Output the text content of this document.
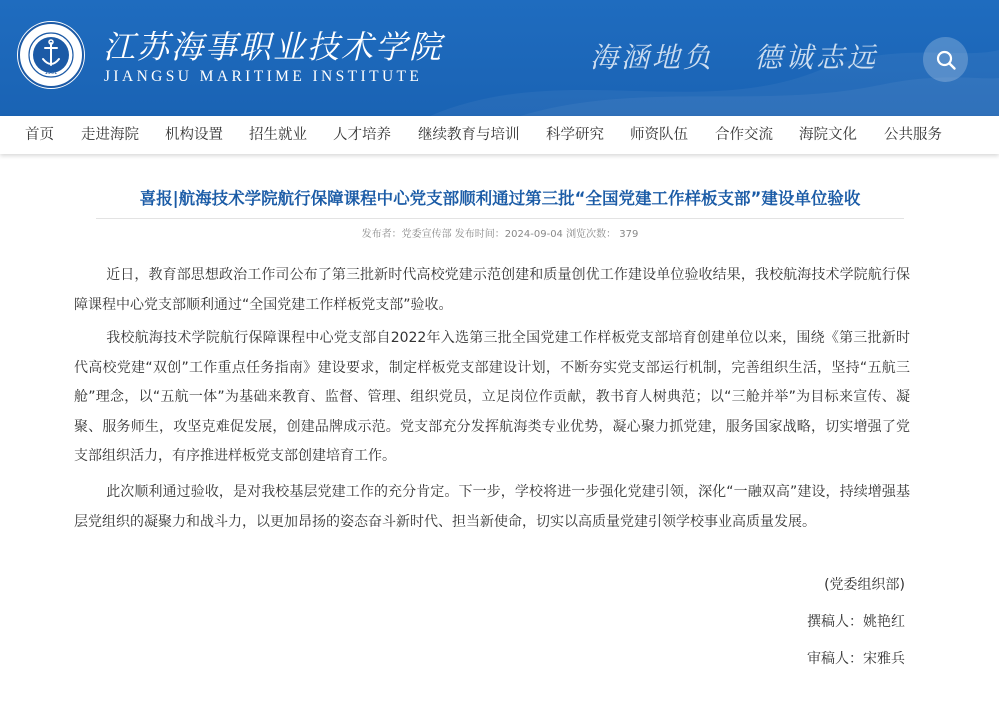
1951
江苏海事职业技术学院
JIANGSU MARITIME INSTITUTE
海涵地负 德诚志远
首页 走进海院 机构设置 招生就业 人才培养 继续教育与培训 科学研究 师资队伍 合作交流 海院文化 公共服务
喜报|航海技术学院航行保障课程中心党支部顺利通过第三批“全国党建工作样板支部”建设单位验收
发布者：党委宣传部 发布时间：2024-09-04 浏览次数： 379

近日，教育部思想政治工作司公布了第三批新时代高校党建示范创建和质量创优工作建设单位验收结果，我校航海技术学院航行保障课程中心党支部顺利通过“全国党建工作样板党支部”验收。

我校航海技术学院航行保障课程中心党支部自2022年入选第三批全国党建工作样板党支部培育创建单位以来，围绕《第三批新时代高校党建“双创”工作重点任务指南》建设要求，制定样板党支部建设计划，不断夯实党支部运行机制，完善组织生活，坚持“五航三舱”理念，以“五航一体”为基础来教育、监督、管理、组织党员，立足岗位作贡献，教书育人树典范；以“三舱并举”为目标来宣传、凝聚、服务师生，攻坚克难促发展，创建品牌成示范。党支部充分发挥航海类专业优势，凝心聚力抓党建，服务国家战略，切实增强了党支部组织活力，有序推进样板党支部创建培育工作。

此次顺利通过验收，是对我校基层党建工作的充分肯定。下一步，学校将进一步强化党建引领，深化“一融双高”建设，持续增强基层党组织的凝聚力和战斗力，以更加昂扬的姿态奋斗新时代、担当新使命，切实以高质量党建引领学校事业高质量发展。

(党委组织部)
撰稿人：姚艳红
审稿人：宋雅兵
